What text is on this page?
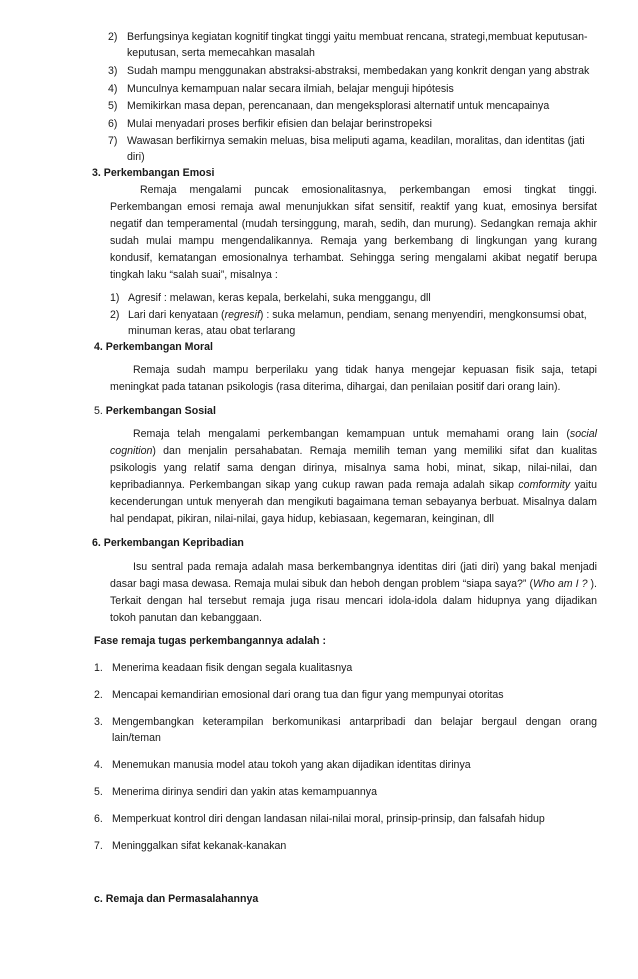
2) Berfungsinya kegiatan kognitif tingkat tinggi yaitu membuat rencana, strategi,membuat keputusan-
keputusan, serta memecahkan masalah
3) Sudah mampu menggunakan abstraksi-abstraksi, membedakan yang konkrit dengan yang abstrak
4) Munculnya kemampuan nalar secara ilmiah, belajar menguji hipótesis
5) Memikirkan masa depan, perencanaan, dan mengeksplorasi alternatif untuk mencapainya
6) Mulai menyadari proses berfikir efisien dan belajar berinstropeksi
7) Wawasan berfikirnya semakin meluas, bisa meliputi agama, keadilan, moralitas, dan identitas (jati
diri)
3. Perkembangan Emosi
Remaja mengalami puncak emosionalitasnya, perkembangan emosi tingkat tinggi.
Perkembangan emosi remaja awal menunjukkan sifat sensitif, reaktif yang kuat, emosinya bersifat
negatif dan temperamental (mudah tersinggung, marah, sedih, dan murung). Sedangkan remaja akhir
sudah mulai mampu mengendalikannya. Remaja yang berkembang di lingkungan yang kurang
kondusif, kematangan emosionalnya terhambat. Sehingga sering mengalami akibat negatif berupa
tingkah laku “salah suai”, misalnya :
1) Agresif : melawan, keras kepala, berkelahi, suka menggangu, dll
2) Lari dari kenyataan (regresif) : suka melamun, pendiam, senang menyendiri, mengkonsumsi obat,
minuman keras, atau obat terlarang
4. Perkembangan Moral
Remaja sudah mampu berperilaku yang tidak hanya mengejar kepuasan fisik saja, tetapi
meningkat pada tatanan psikologis (rasa diterima, dihargai, dan penilaian positif dari orang lain).
5. Perkembangan Sosial
Remaja telah mengalami perkembangan kemampuan untuk memahami orang lain (social
cognition) dan menjalin persahabatan. Remaja memilih teman yang memiliki sifat dan kualitas
psikologis yang relatif sama dengan dirinya, misalnya sama hobi, minat, sikap, nilai-nilai, dan
kepribadiannya. Perkembangan sikap yang cukup rawan pada remaja adalah sikap comformity yaitu
kecenderungan untuk menyerah dan mengikuti bagaimana teman sebayanya berbuat. Misalnya dalam
hal pendapat, pikiran, nilai-nilai, gaya hidup, kebiasaan, kegemaran, keinginan, dll
6. Perkembangan Kepribadian
Isu sentral pada remaja adalah masa berkembangnya identitas diri (jati diri) yang bakal menjadi
dasar bagi masa dewasa. Remaja mulai sibuk dan heboh dengan problem “siapa saya?” (Who am I ? ).
Terkait dengan hal tersebut remaja juga risau mencari idola-idola dalam hidupnya yang dijadikan
tokoh panutan dan kebanggaan.
Fase remaja tugas perkembangannya adalah :
1. Menerima keadaan fisik dengan segala kualitasnya
2. Mencapai kemandirian emosional dari orang tua dan figur yang mempunyai otoritas
3. Mengembangkan keterampilan berkomunikasi antarpribadi dan belajar bergaul dengan orang
lain/teman
4. Menemukan manusia model atau tokoh yang akan dijadikan identitas dirinya
5. Menerima dirinya sendiri dan yakin atas kemampuannya
6. Memperkuat kontrol diri dengan landasan nilai-nilai moral, prinsip-prinsip, dan falsafah hidup
7. Meninggalkan sifat kekanak-kanakan
c. Remaja dan Permasalahannya
